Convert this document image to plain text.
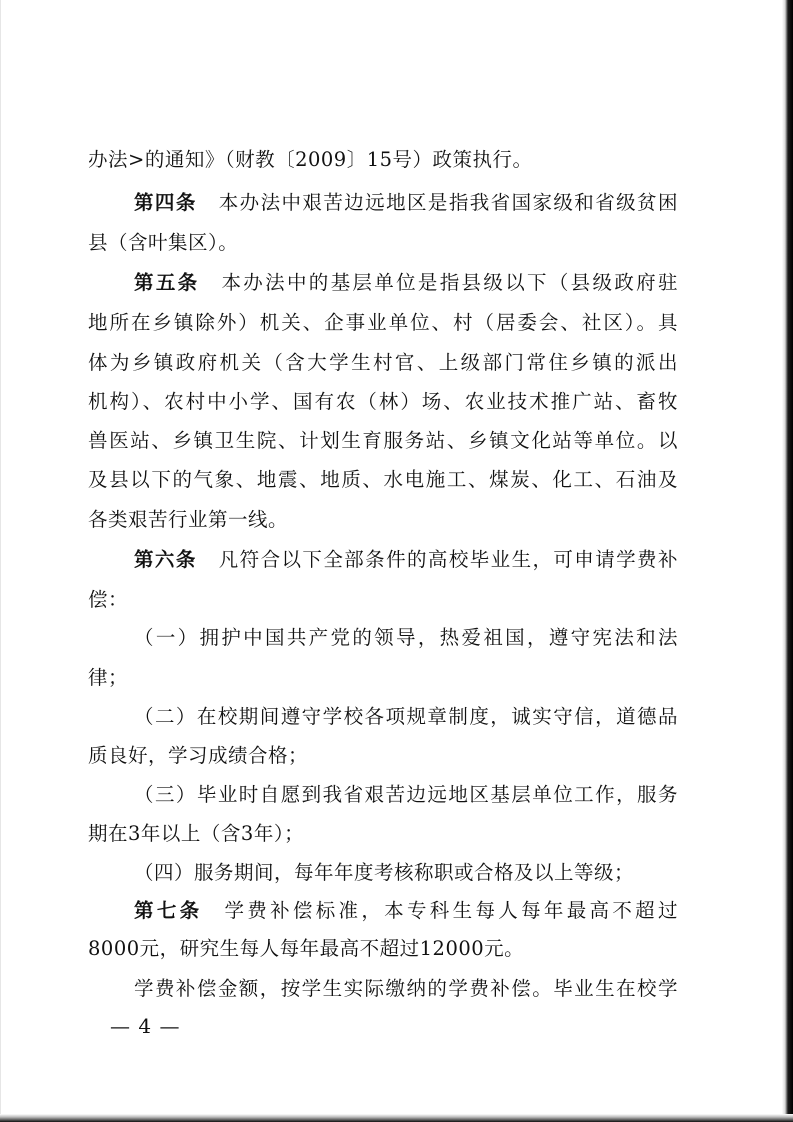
办法>的通知》（财教〔2009〕15号）政策执行。
第四条 本办法中艰苦边远地区是指我省国家级和省级贫困
县（含叶集区）。
第五条 本办法中的基层单位是指县级以下（县级政府驻
地所在乡镇除外）机关、企事业单位、村（居委会、社区）。具
体为乡镇政府机关（含大学生村官、上级部门常住乡镇的派出
机构）、农村中小学、国有农（林）场、农业技术推广站、畜牧
兽医站、乡镇卫生院、计划生育服务站、乡镇文化站等单位。以
及县以下的气象、地震、地质、水电施工、煤炭、化工、石油及
各类艰苦行业第一线。
第六条 凡符合以下全部条件的高校毕业生，可申请学费补
偿：
（一）拥护中国共产党的领导，热爱祖国，遵守宪法和法
律；
（二）在校期间遵守学校各项规章制度，诚实守信，道德品
质良好，学习成绩合格；
（三）毕业时自愿到我省艰苦边远地区基层单位工作，服务
期在3年以上（含3年）；
（四）服务期间，每年年度考核称职或合格及以上等级；
第七条 学费补偿标准，本专科生每人每年最高不超过
8000元，研究生每人每年最高不超过12000元。
学费补偿金额，按学生实际缴纳的学费补偿。毕业生在校学
— 4 —
